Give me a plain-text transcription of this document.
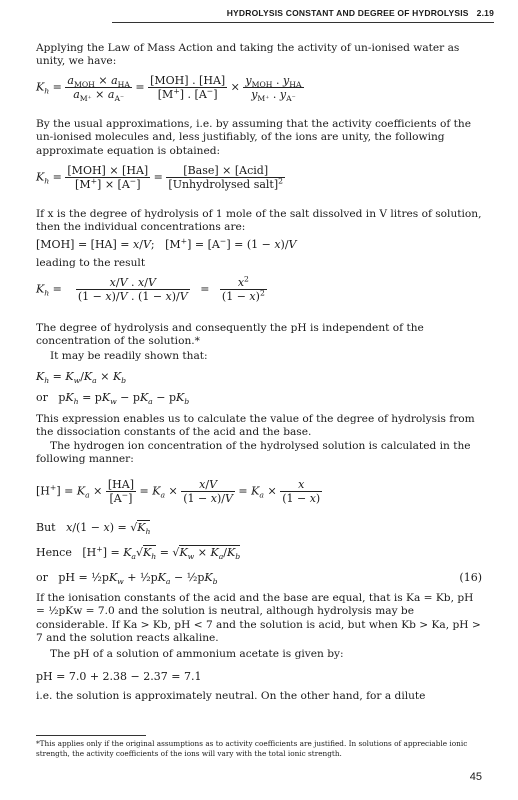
HYDROLYSIS CONSTANT AND DEGREE OF HYDROLYSIS 2.19
Applying the Law of Mass Action and taking the activity of un-ionised water as unity, we have:
$K_h = \frac{a_{MOH} \times a_{HA}}{a_{M^+} \times a_{A^-}} = \frac{\text{[MOH] . [HA]}}{[M^+] . [A^-]} \times \frac{y_{MOH} . y_{HA}}{y_{M^+} . y_{A^-}}$
By the usual approximations, i.e. by assuming that the activity coefficients of the un-ionised molecules and, less justifiably, of the ions are unity, the following approximate equation is obtained:
$K_h = \frac{\text{[MOH] × [HA]}}{[M^+] \times [A^-]} = \frac{\text{[Base] × [Acid]}}{[Unhydrolysed salt]^2}$
If x is the degree of hydrolysis of 1 mole of the salt dissolved in V litres of solution, then the individual concentrations are:
[MOH] = [HA] = x/V;   [M+] = [A−] = (1 − x)/V
leading to the result
$K_h = \frac{x/V . x/V}{(1 - x)/V . (1 - x)/V} = \frac{x^2}{(1 - x)^2}$
The degree of hydrolysis and consequently the pH is independent of the concentration of the solution.*
It may be readily shown that:
$K_h = K_w/K_a \times K_b$
or   $pK_h = pK_w - pK_a - pK_b$
This expression enables us to calculate the value of the degree of hydrolysis from the dissociation constants of the acid and the base.
The hydrogen ion concentration of the hydrolysed solution is calculated in the following manner:
$[H^+] = K_a \times \frac{[HA]}{[A^-]} = K_a \times \frac{x/V}{(1 - x)/V} = K_a \times \frac{x}{(1 - x)}$
But $x/(1 - x) = √K_h$
Hence   $[H^+] = K_a√K_h = √K_w \times K_a/K_b$
or   pH = $\frac{1}{2}pK_w$ + $\frac{1}{2}pK_a$ − $\frac{1}{2}pK_b$	(16)
If the ionisation constants of the acid and the base are equal, that is Ka = Kb, pH = ½pKw = 7.0 and the solution is neutral, although hydrolysis may be considerable. If Ka > Kb, pH < 7 and the solution is acid, but when Kb > Ka, pH > 7 and the solution reacts alkaline.
The pH of a solution of ammonium acetate is given by:
pH = 7.0 + 2.38 − 2.37 = 7.1
i.e. the solution is approximately neutral. On the other hand, for a dilute
*This applies only if the original assumptions as to activity coefficients are justified. In solutions of appreciable ionic strength, the activity coefficients of the ions will vary with the total ionic strength.
45
